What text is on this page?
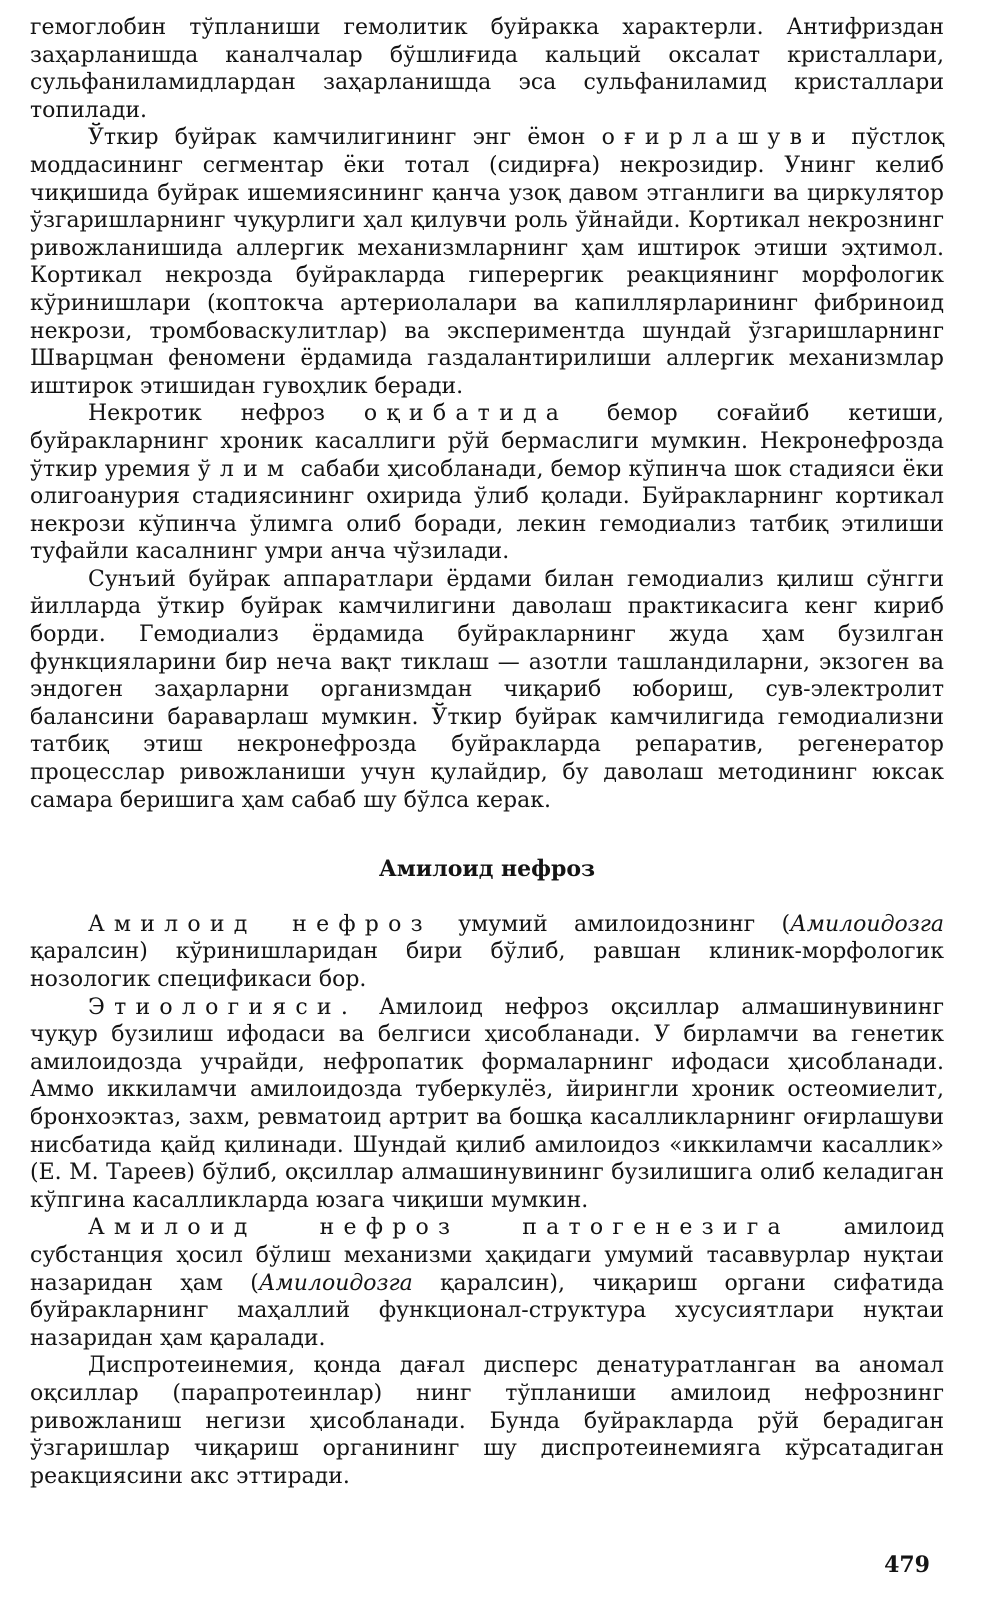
гемоглобин тўпланиши гемолитик буйракка характерли. Антифриздан заҳарланишда каналчалар бўшлиғида кальций оксалат кристаллари, сульфаниламидлардан заҳарланишда эса сульфаниламид кристаллари топилади.

Ўткир буйрак камчилигининг энг ёмон оғирлашуви пўстлоқ моддасининг сегментар ёки тотал (сидирға) некрозидир. Унинг келиб чиқишида буйрак ишемиясининг қанча узоқ давом этганлиги ва циркулятор ўзгаришларнинг чуқурлиги ҳал қилувчи роль ўйнайди. Кортикал некрознинг ривожланишида аллергик механизмларнинг ҳам иштирок этиши эҳтимол. Кортикал некрозда буйракларда гиперергик реакциянинг морфологик кўринишлари (коптокча артериолалари ва капиллярларининг фибриноид некрози, тромбоваскулитлар) ва экспериментда шундай ўзгаришларнинг Шварцман феномени ёрдамида газдалантирилиши аллергик механизмлар иштирок этишидан гувоҳлик беради.

Некротик нефроз оқибатида бемор соғайиб кетиши, буйракларнинг хроник касаллиги рўй бермаслиги мумкин. Некронефрозда ўткир уремия ўлим сабаби ҳисобланади, бемор кўпинча шок стадияси ёки олигоанурия стадиясининг охирида ўлиб қолади. Буйракларнинг кортикал некрози кўпинча ўлимга олиб боради, лекин гемодиализ татбиқ этилиши туфайли касалнинг умри анча чўзилади.

Сунъий буйрак аппаратлари ёрдами билан гемодиализ қилиш сўнгги йилларда ўткир буйрак камчилигини даволаш практикасига кенг кириб борди. Гемодиализ ёрдамида буйракларнинг жуда ҳам бузилган функцияларини бир неча вақт тиклаш — азотли ташландиларни, экзоген ва эндоген заҳарларни организмдан чиқариб юбориш, сув-электролит балансини бараварлаш мумкин. Ўткир буйрак камчилигида гемодиализни татбиқ этиш некронефрозда буйракларда репаратив, регенератор процесслар ривожланиши учун қулайдир, бу даволаш методининг юксак самара беришига ҳам сабаб шу бўлса керак.

Амилоид нефроз

Амилоид нефроз умумий амилоидознинг (Амилоидозга қаралсин) кўринишларидан бири бўлиб, равшан клиник-морфологик нозологик спецификаси бор.

Этиологияси. Амилоид нефроз оқсиллар алмашинувининг чуқур бузилиш ифодаси ва белгиси ҳисобланади. У бирламчи ва генетик амилоидозда учрайди, нефропатик формаларнинг ифодаси ҳисобланади. Аммо иккиламчи амилоидозда туберкулёз, йирингли хроник остеомиелит, бронхоэктаз, захм, ревматоид артрит ва бошқа касалликларнинг оғирлашуви нисбатида қайд қилинади. Шундай қилиб амилоидоз «иккиламчи касаллик» (Е. М. Тареев) бўлиб, оқсиллар алмашинувининг бузилишига олиб келадиган кўпгина касалликларда юзага чиқиши мумкин.

Амилоид нефроз патогенезига амилоид субстанция ҳосил бўлиш механизми ҳақидаги умумий тасаввурлар нуқтаи назаридан ҳам (Амилоидозга қаралсин), чиқариш органи сифатида буйракларнинг маҳаллий функционал-структура хусусиятлари нуқтаи назаридан ҳам қаралади.

Диспротеинемия, қонда дағал дисперс денатуратланган ва аномал оқсиллар (парапротеинлар) нинг тўпланиши амилоид нефрознинг ривожланиш негизи ҳисобланади. Бунда буйракларда рўй берадиган ўзгаришлар чиқариш органининг шу диспротеинемияга кўрсатадиган реакциясини акс эттиради.

479
